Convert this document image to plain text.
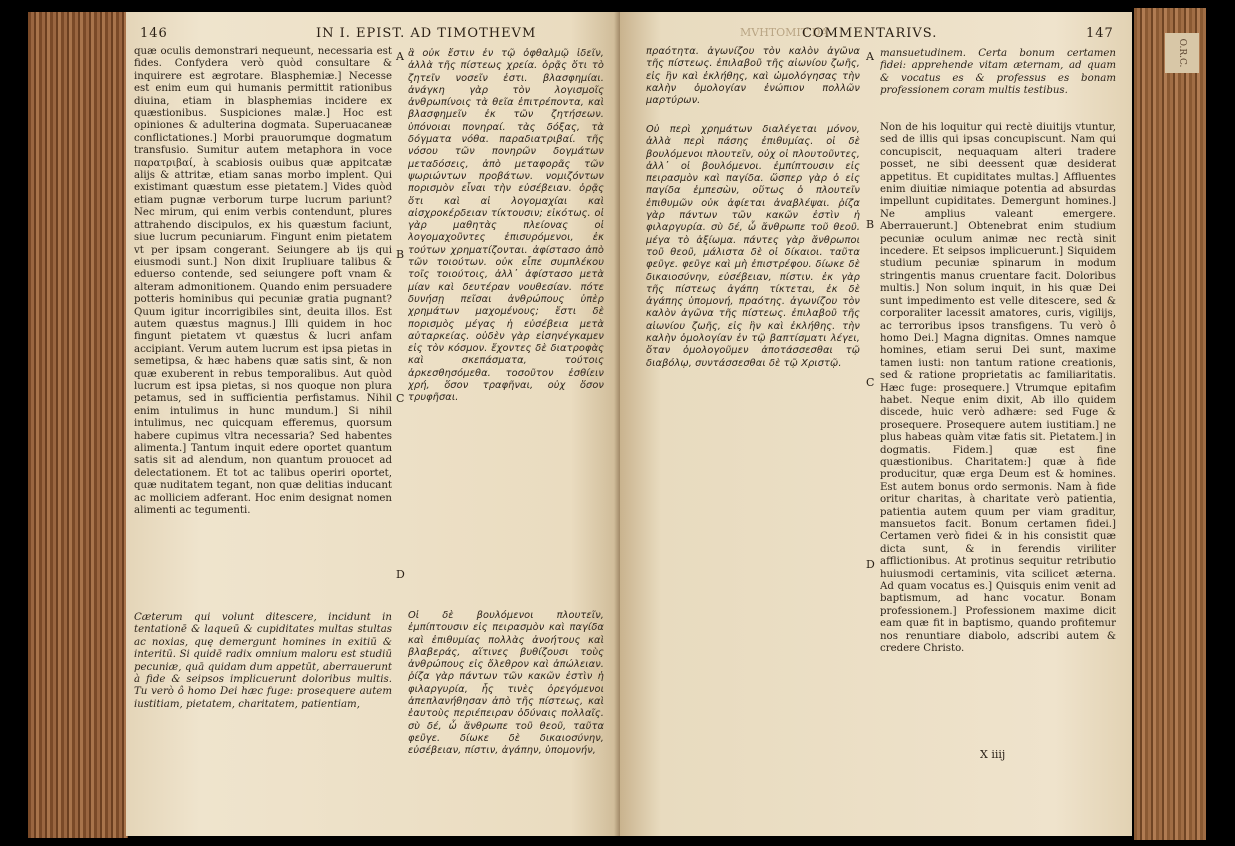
146	IN I. EPIST. AD TIMOTHEVM

quæ oculis demonstrari nequeunt, necessaria est fides. Confydera verò quòd consultare & inquirere est ægrotare. Blasphemiæ.] Necesse est enim eum qui humanis permittit rationibus diuina, etiam in blasphemias incidere ex quæstionibus. Suspiciones malæ.] Hoc est opiniones & adulterina dogmata. Superuacaneæ conflictationes.] Morbi prauorumque dogmatum transfusio. Sumitur autem metaphora in voce παρατριβαί, à scabiosis ouibus quæ appitcatæ alijs & attritæ, etiam sanas morbo implent. Qui existimant quæstum esse pietatem.] Vides quòd etiam pugnæ verborum turpe lucrum pariunt? Nec mirum, qui enim verbis contendunt, plures attrahendo discipulos, ex his quæstum faciunt, siue lucrum pecuniarum. Fingunt enim pietatem vt per ipsam congerant. Seiungere ab ijs qui eiusmodi sunt.] Non dixit Irupliuare talibus & eduerso contende, sed seiungere poft vnam & alteram admonitionem. Quando enim persuadere potteris hominibus qui pecuniæ gratia pugnant? Quum igitur incorrigibiles sint, deuita illos. Est autem quæstus magnus.] Illi quidem in hoc fingunt pietatem vt quæstus & lucri anfam accipiant. Verum autem lucrum est ipsa pietas in semetipsa, & hæc habens quæ satis sint, & non quæ exuberent in rebus temporalibus. Aut quòd lucrum est ipsa pietas, si nos quoque non plura petamus, sed in sufficientia perfistamus. Nihil enim intulimus in hunc mundum.] Si nihil intulimus, nec quicquam efferemus, quorsum habere cupimus vltra necessaria? Sed habentes alimenta.] Tantum inquit edere oportet quantum satis sit ad alendum, non quantum prouocet ad delectationem. Et tot ac talibus operiri oportet, quæ nuditatem tegant, non quæ delitias inducant ac molliciem adferant. Hoc enim designat nomen alimenti ac tegumenti.

Cæterum qui volunt ditescere, incidunt in tentationē & laqueū & cupiditates multas stultas ac noxias, quę demergunt homines in exitiū & interitū. Si quidē radix omnium maloru est studiū pecuniæ, quā quidam dum appetūt, aberrauerunt à fide & seipsos implicuerunt doloribus multis. Tu verò ô homo Dei hæc fuge: prosequere autem iustitiam, pietatem, charitatem, patientiam,

A
B
C
D

ἃ οὐκ ἔστιν ἐν τῷ ὀφθαλμῷ ἰδεῖν, ἀλλὰ τῆς πίστεως χρεία. ὁρᾷς ὅτι τὸ ζητεῖν νοσεῖν ἐστι. βλασφημίαι. ἀνάγκη γὰρ τὸν λογισμοῖς ἀνθρωπίνοις τὰ θεῖα ἐπιτρέποντα, καὶ βλασφημεῖν ἐκ τῶν ζητήσεων. ὑπόνοιαι πονηραί. τὰς δόξας, τὰ δόγματα νόθα. παραδιατριβαί. τῆς νόσου τῶν πονηρῶν δογμάτων μεταδόσεις, ἀπὸ μεταφορᾶς τῶν ψωριώντων προβάτων. νομιζόντων πορισμὸν εἶναι τὴν εὐσέβειαν. ὁρᾷς ὅτι καὶ αἱ λογομαχίαι καὶ αἰσχροκέρδειαν τίκτουσιν; εἰκότως. οἱ γὰρ μαθητὰς πλείονας οἱ λογομαχοῦντες ἐπισυρόμενοι, ἐκ τούτων χρηματίζονται. ἀφίστασο ἀπὸ τῶν τοιούτων. οὐκ εἶπε συμπλέκου τοῖς τοιούτοις, ἀλλ᾽ ἀφίστασο μετὰ μίαν καὶ δευτέραν νουθεσίαν. πότε δυνήσῃ πεῖσαι ἀνθρώπους ὑπὲρ χρημάτων μαχομένους; ἔστι δὲ πορισμὸς μέγας ἡ εὐσέβεια μετὰ αὐταρκείας. οὐδὲν γὰρ εἰσηνέγκαμεν εἰς τὸν κόσμον. ἔχοντες δὲ διατροφὰς καὶ σκεπάσματα, τούτοις ἀρκεσθησόμεθα. τοσοῦτον ἐσθίειν χρή, ὅσον τραφῆναι, οὐχ ὅσον τρυφῆσαι.

Οἱ δὲ βουλόμενοι πλουτεῖν, ἐμπίπτουσιν εἰς πειρασμὸν καὶ παγίδα καὶ ἐπιθυμίας πολλὰς ἀνοήτους καὶ βλαβεράς, αἵτινες βυθίζουσι τοὺς ἀνθρώπους εἰς ὄλεθρον καὶ ἀπώλειαν. ῥίζα γὰρ πάντων τῶν κακῶν ἐστὶν ἡ φιλαργυρία, ἧς τινὲς ὀρεγόμενοι ἀπεπλανήθησαν ἀπὸ τῆς πίστεως, καὶ ἑαυτοὺς περιέπειραν ὀδύναις πολλαῖς. σὺ δέ, ὦ ἄνθρωπε τοῦ θεοῦ, ταῦτα φεῦγε. δίωκε δὲ δικαιοσύνην, εὐσέβειαν, πίστιν, ἀγάπην, ὑπομονήν,

MVHTOMIT DA
COMMENTARIVS.	147

πραότητα. ἀγωνίζου τὸν καλὸν ἀγῶνα τῆς πίστεως. ἐπιλαβοῦ τῆς αἰωνίου ζωῆς, εἰς ἣν καὶ ἐκλήθης, καὶ ὡμολόγησας τὴν καλὴν ὁμολογίαν ἐνώπιον πολλῶν μαρτύρων.

Οὐ περὶ χρημάτων διαλέγεται μόνον, ἀλλὰ περὶ πάσης ἐπιθυμίας. οἱ δὲ βουλόμενοι πλουτεῖν, οὐχ οἱ πλουτοῦντες, ἀλλ᾽ οἱ βουλόμενοι. ἐμπίπτουσιν εἰς πειρασμὸν καὶ παγίδα. ὥσπερ γὰρ ὁ εἰς παγίδα ἐμπεσὼν, οὕτως ὁ πλουτεῖν ἐπιθυμῶν οὐκ ἀφίεται ἀναβλέψαι. ῥίζα γὰρ πάντων τῶν κακῶν ἐστὶν ἡ φιλαργυρία. σὺ δέ, ὦ ἄνθρωπε τοῦ θεοῦ. μέγα τὸ ἀξίωμα. πάντες γὰρ ἄνθρωποι τοῦ θεοῦ, μάλιστα δὲ οἱ δίκαιοι. ταῦτα φεῦγε. φεῦγε καὶ μὴ ἐπιστρέφου. δίωκε δὲ δικαιοσύνην, εὐσέβειαν, πίστιν. ἐκ γὰρ τῆς πίστεως ἀγάπη τίκτεται, ἐκ δὲ ἀγάπης ὑπομονή, πραότης. ἀγωνίζου τὸν καλὸν ἀγῶνα τῆς πίστεως. ἐπιλαβοῦ τῆς αἰωνίου ζωῆς, εἰς ἣν καὶ ἐκλήθης. τὴν καλὴν ὁμολογίαν ἐν τῷ βαπτίσματι λέγει, ὅταν ὁμολογοῦμεν ἀποτάσσεσθαι τῷ διαβόλῳ, συντάσσεσθαι δὲ τῷ Χριστῷ.

A
B
C
D

mansuetudinem. Certa bonum certamen fidei: apprehende vitam æternam, ad quam & vocatus es & professus es bonam professionem coram multis testibus.

Non de his loquitur qui rectè diuitijs vtuntur, sed de illis qui ipsas concupiscunt. Nam qui concupiscit, nequaquam alteri tradere posset, ne sibi deessent quæ desiderat appetitus. Et cupiditates multas.] Affluentes enim diuitiæ nimiaque potentia ad absurdas impellunt cupiditates. Demergunt homines.] Ne amplius valeant emergere. Aberrauerunt.] Obtenebrat enim studium pecuniæ oculum animæ nec rectà sinit incedere. Et seipsos implicuerunt.] Siquidem studium pecuniæ spinarum in modum stringentis manus cruentare facit. Doloribus multis.] Non solum inquit, in his quæ Dei sunt impedimento est velle ditescere, sed & corporaliter lacessit amatores, curis, vigilijs, ac terroribus ipsos transfigens. Tu verò ô homo Dei.] Magna dignitas. Omnes namque homines, etiam serui Dei sunt, maxime tamen iusti: non tantum ratione creationis, sed & ratione proprietatis ac familiaritatis. Hæc fuge: prosequere.] Vtrumque epitafim habet. Neque enim dixit, Ab illo quidem discede, huic verò adhære: sed Fuge & prosequere. Prosequere autem iustitiam.] ne plus habeas quàm vitæ fatis sit. Pietatem.] in dogmatis. Fidem.] quæ est fine quæstionibus. Charitatem:] quæ à fide producitur, quæ erga Deum est & homines. Est autem bonus ordo sermonis. Nam à fide oritur charitas, à charitate verò patientia, patientia autem quum per viam graditur, mansuetos facit. Bonum certamen fidei.] Certamen verò fidei & in his consistit quæ dicta sunt, & in ferendis viriliter afflictionibus. At protinus sequitur retributio huiusmodi certaminis, vita scilicet æterna. Ad quam vocatus es.] Quisquis enim venit ad baptismum, ad hanc vocatur. Bonam professionem.] Professionem maxime dicit eam quæ fit in baptismo, quando profitemur nos renuntiare diabolo, adscribi autem & credere Christo.

X iiij
O.R.C.
